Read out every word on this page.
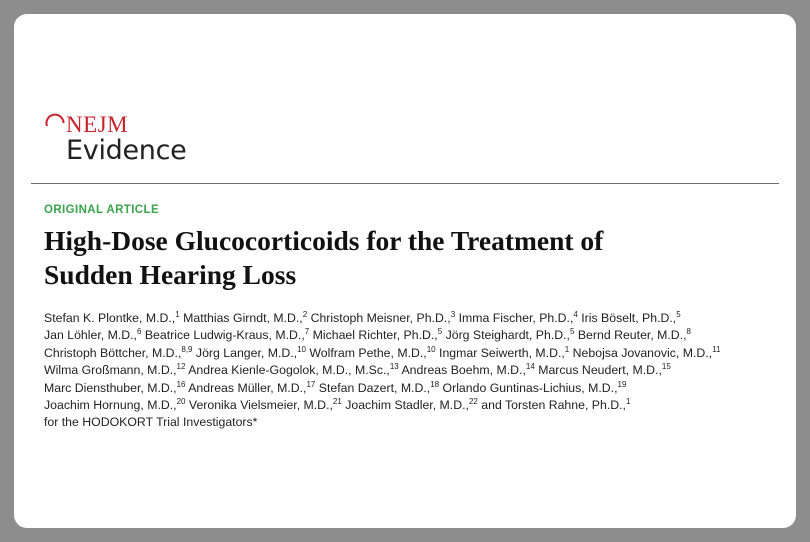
NEJM
Evidence
ORIGINAL ARTICLE
High-Dose Glucocorticoids for the Treatment of
Sudden Hearing Loss
Stefan K. Plontke, M.D.,$^1$ Matthias Girndt, M.D.,$^2$ Christoph Meisner, Ph.D.,$^3$ Imma Fischer, Ph.D.,$^4$ Iris Böselt, Ph.D.,$^5$
Jan Löhler, M.D.,$^6$ Beatrice Ludwig-Kraus, M.D.,$^7$ Michael Richter, Ph.D.,$^5$ Jörg Steighardt, Ph.D.,$^5$ Bernd Reuter, M.D.,$^8$
Christoph Böttcher, M.D.,$^{8,9}$ Jörg Langer, M.D.,$^{10}$ Wolfram Pethe, M.D.,$^{10}$ Ingmar Seiwerth, M.D.,$^1$ Nebojsa Jovanovic, M.D.,$^{11}$
Wilma Großmann, M.D.,$^{12}$ Andrea Kienle-Gogolok, M.D., M.Sc.,$^{13}$ Andreas Boehm, M.D.,$^{14}$ Marcus Neudert, M.D.,$^{15}$
Marc Diensthuber, M.D.,$^{16}$ Andreas Müller, M.D.,$^{17}$ Stefan Dazert, M.D.,$^{18}$ Orlando Guntinas-Lichius, M.D.,$^{19}$
Joachim Hornung, M.D.,$^{20}$ Veronika Vielsmeier, M.D.,$^{21}$ Joachim Stadler, M.D.,$^{22}$ and Torsten Rahne, Ph.D.,$^1$
for the HODOKORT Trial Investigators*
